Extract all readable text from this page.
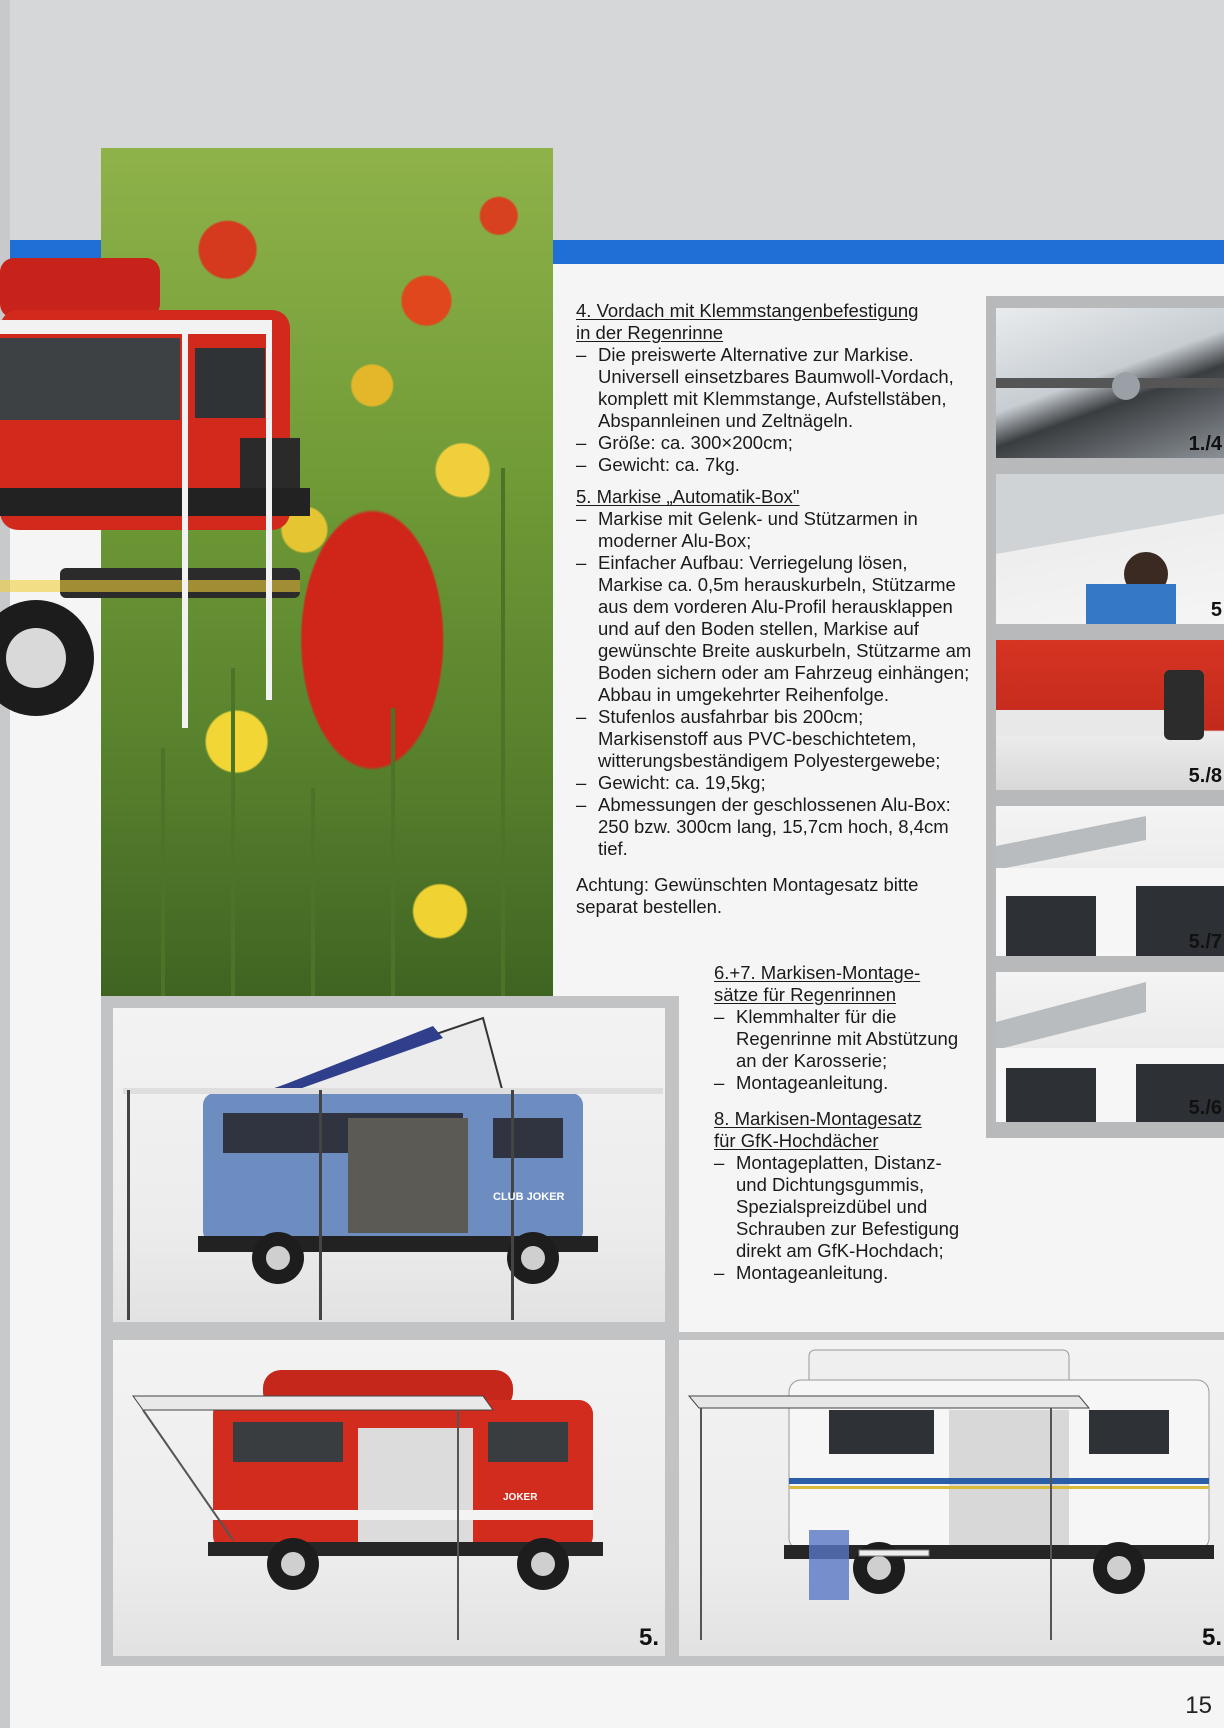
1./4
5
5./8
5./7
5./6
CLUB JOKER
JOKER
5.	5.
4. Vordach mit Klemmstangenbefestigung
in der Regenrinne
– Die preiswerte Alternative zur Markise. Universell einsetzbares Baumwoll-Vordach, komplett mit Klemmstange, Aufstellstäben, Abspannleinen und Zeltnägeln.
– Größe: ca. 300×200cm;
– Gewicht: ca. 7kg.
5. Markise „Automatik-Box"
– Markise mit Gelenk- und Stützarmen in moderner Alu-Box;
– Einfacher Aufbau: Verriegelung lösen, Markise ca. 0,5m herauskurbeln, Stützarme aus dem vorderen Alu-Profil herausklappen und auf den Boden stellen, Markise auf gewünschte Breite auskurbeln, Stützarme am Boden sichern oder am Fahrzeug einhängen; Abbau in umgekehrter Reihenfolge.
– Stufenlos ausfahrbar bis 200cm; Markisenstoff aus PVC-beschichtetem, witterungsbeständigem Polyestergewebe;
– Gewicht: ca. 19,5kg;
– Abmessungen der geschlossenen Alu-Box: 250 bzw. 300cm lang, 15,7cm hoch, 8,4cm tief.
Achtung: Gewünschten Montagesatz bitte separat bestellen.
6.+7. Markisen-Montage-
sätze für Regenrinnen
– Klemmhalter für die Regenrinne mit Abstützung an der Karosserie;
– Montageanleitung.
8. Markisen-Montagesatz
für GfK-Hochdächer
– Montageplatten, Distanz- und Dichtungsgummis, Spezialspreizdübel und Schrauben zur Befestigung direkt am GfK-Hochdach;
– Montageanleitung.
15
